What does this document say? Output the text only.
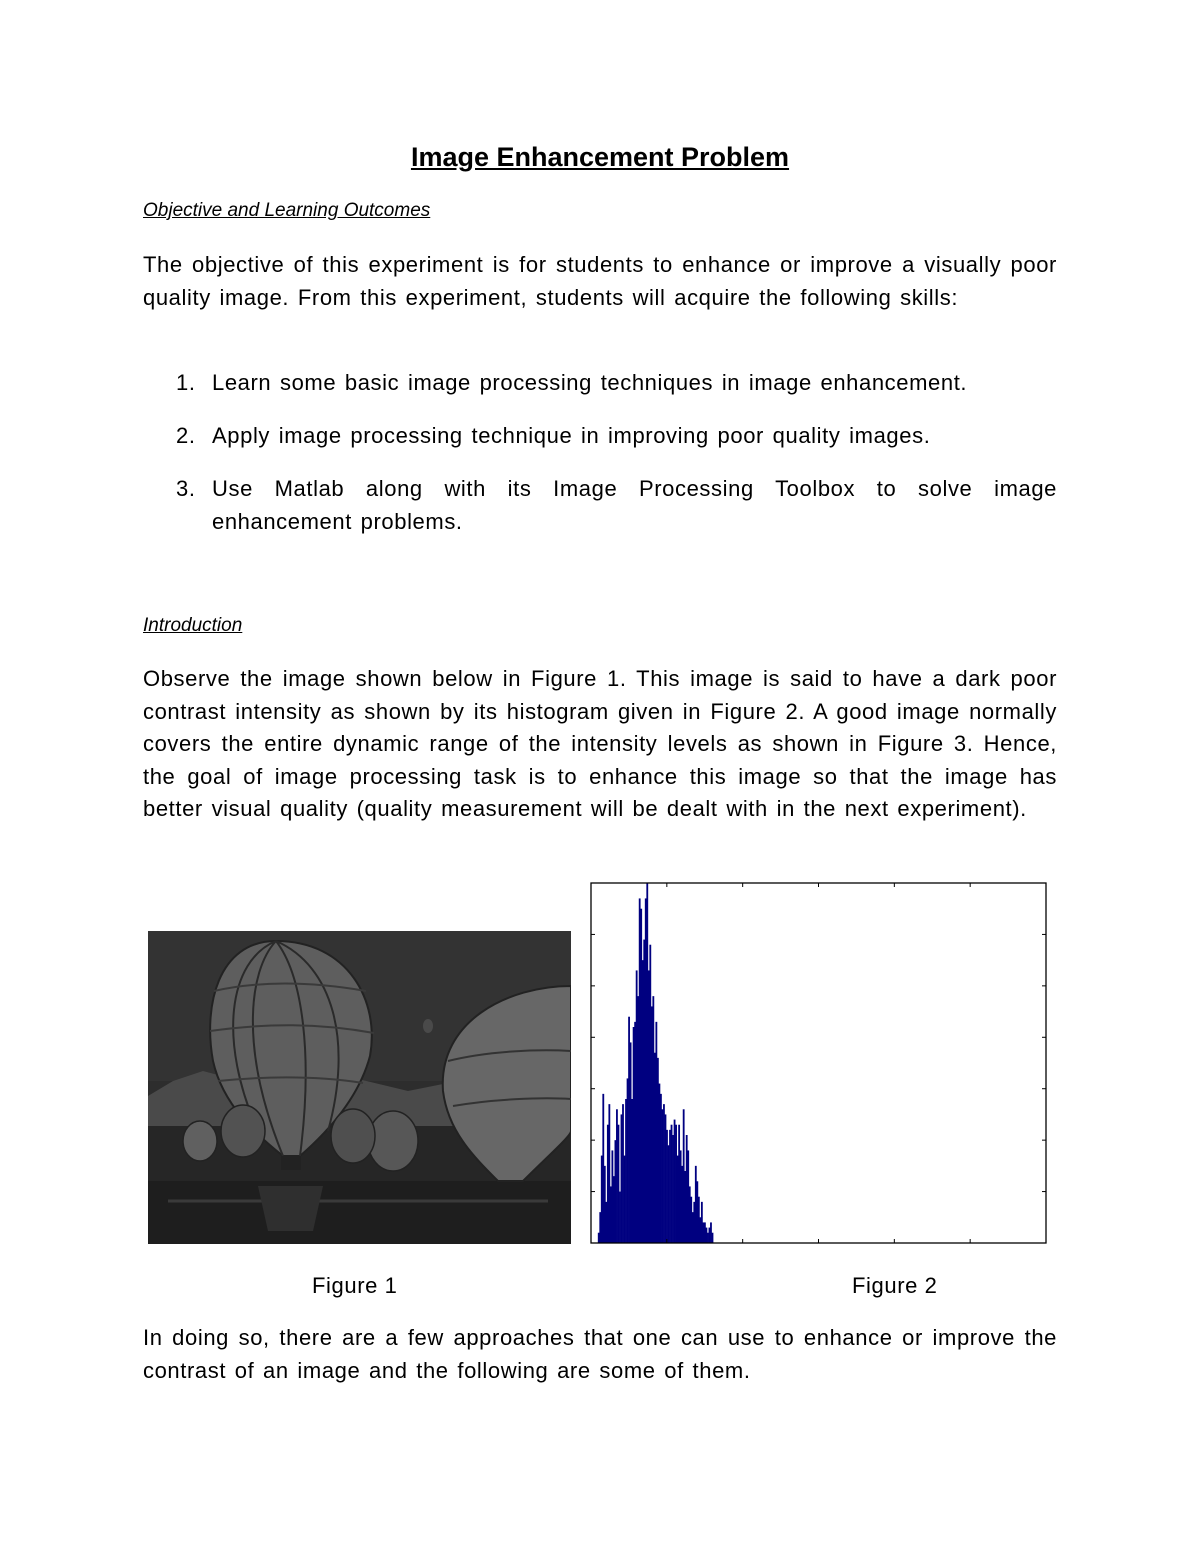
Image Enhancement Problem
Objective and Learning Outcomes
The objective of this experiment is for students to enhance or improve a visually poor quality image. From this experiment, students will acquire the following skills:
1. Learn some basic image processing techniques in image enhancement.
2. Apply image processing technique in improving poor quality images.
3. Use Matlab along with its Image Processing Toolbox to solve image enhancement problems.
Introduction
Observe the image shown below in Figure 1. This image is said to have a dark poor contrast intensity as shown by its histogram given in Figure 2. A good image normally covers the entire dynamic range of the intensity levels as shown in Figure 3. Hence, the goal of image processing task is to enhance this image so that the image has better visual quality (quality measurement will be dealt with in the next experiment).
Figure 1	Figure 2
In doing so, there are a few approaches that one can use to enhance or improve the contrast of an image and the following are some of them.
